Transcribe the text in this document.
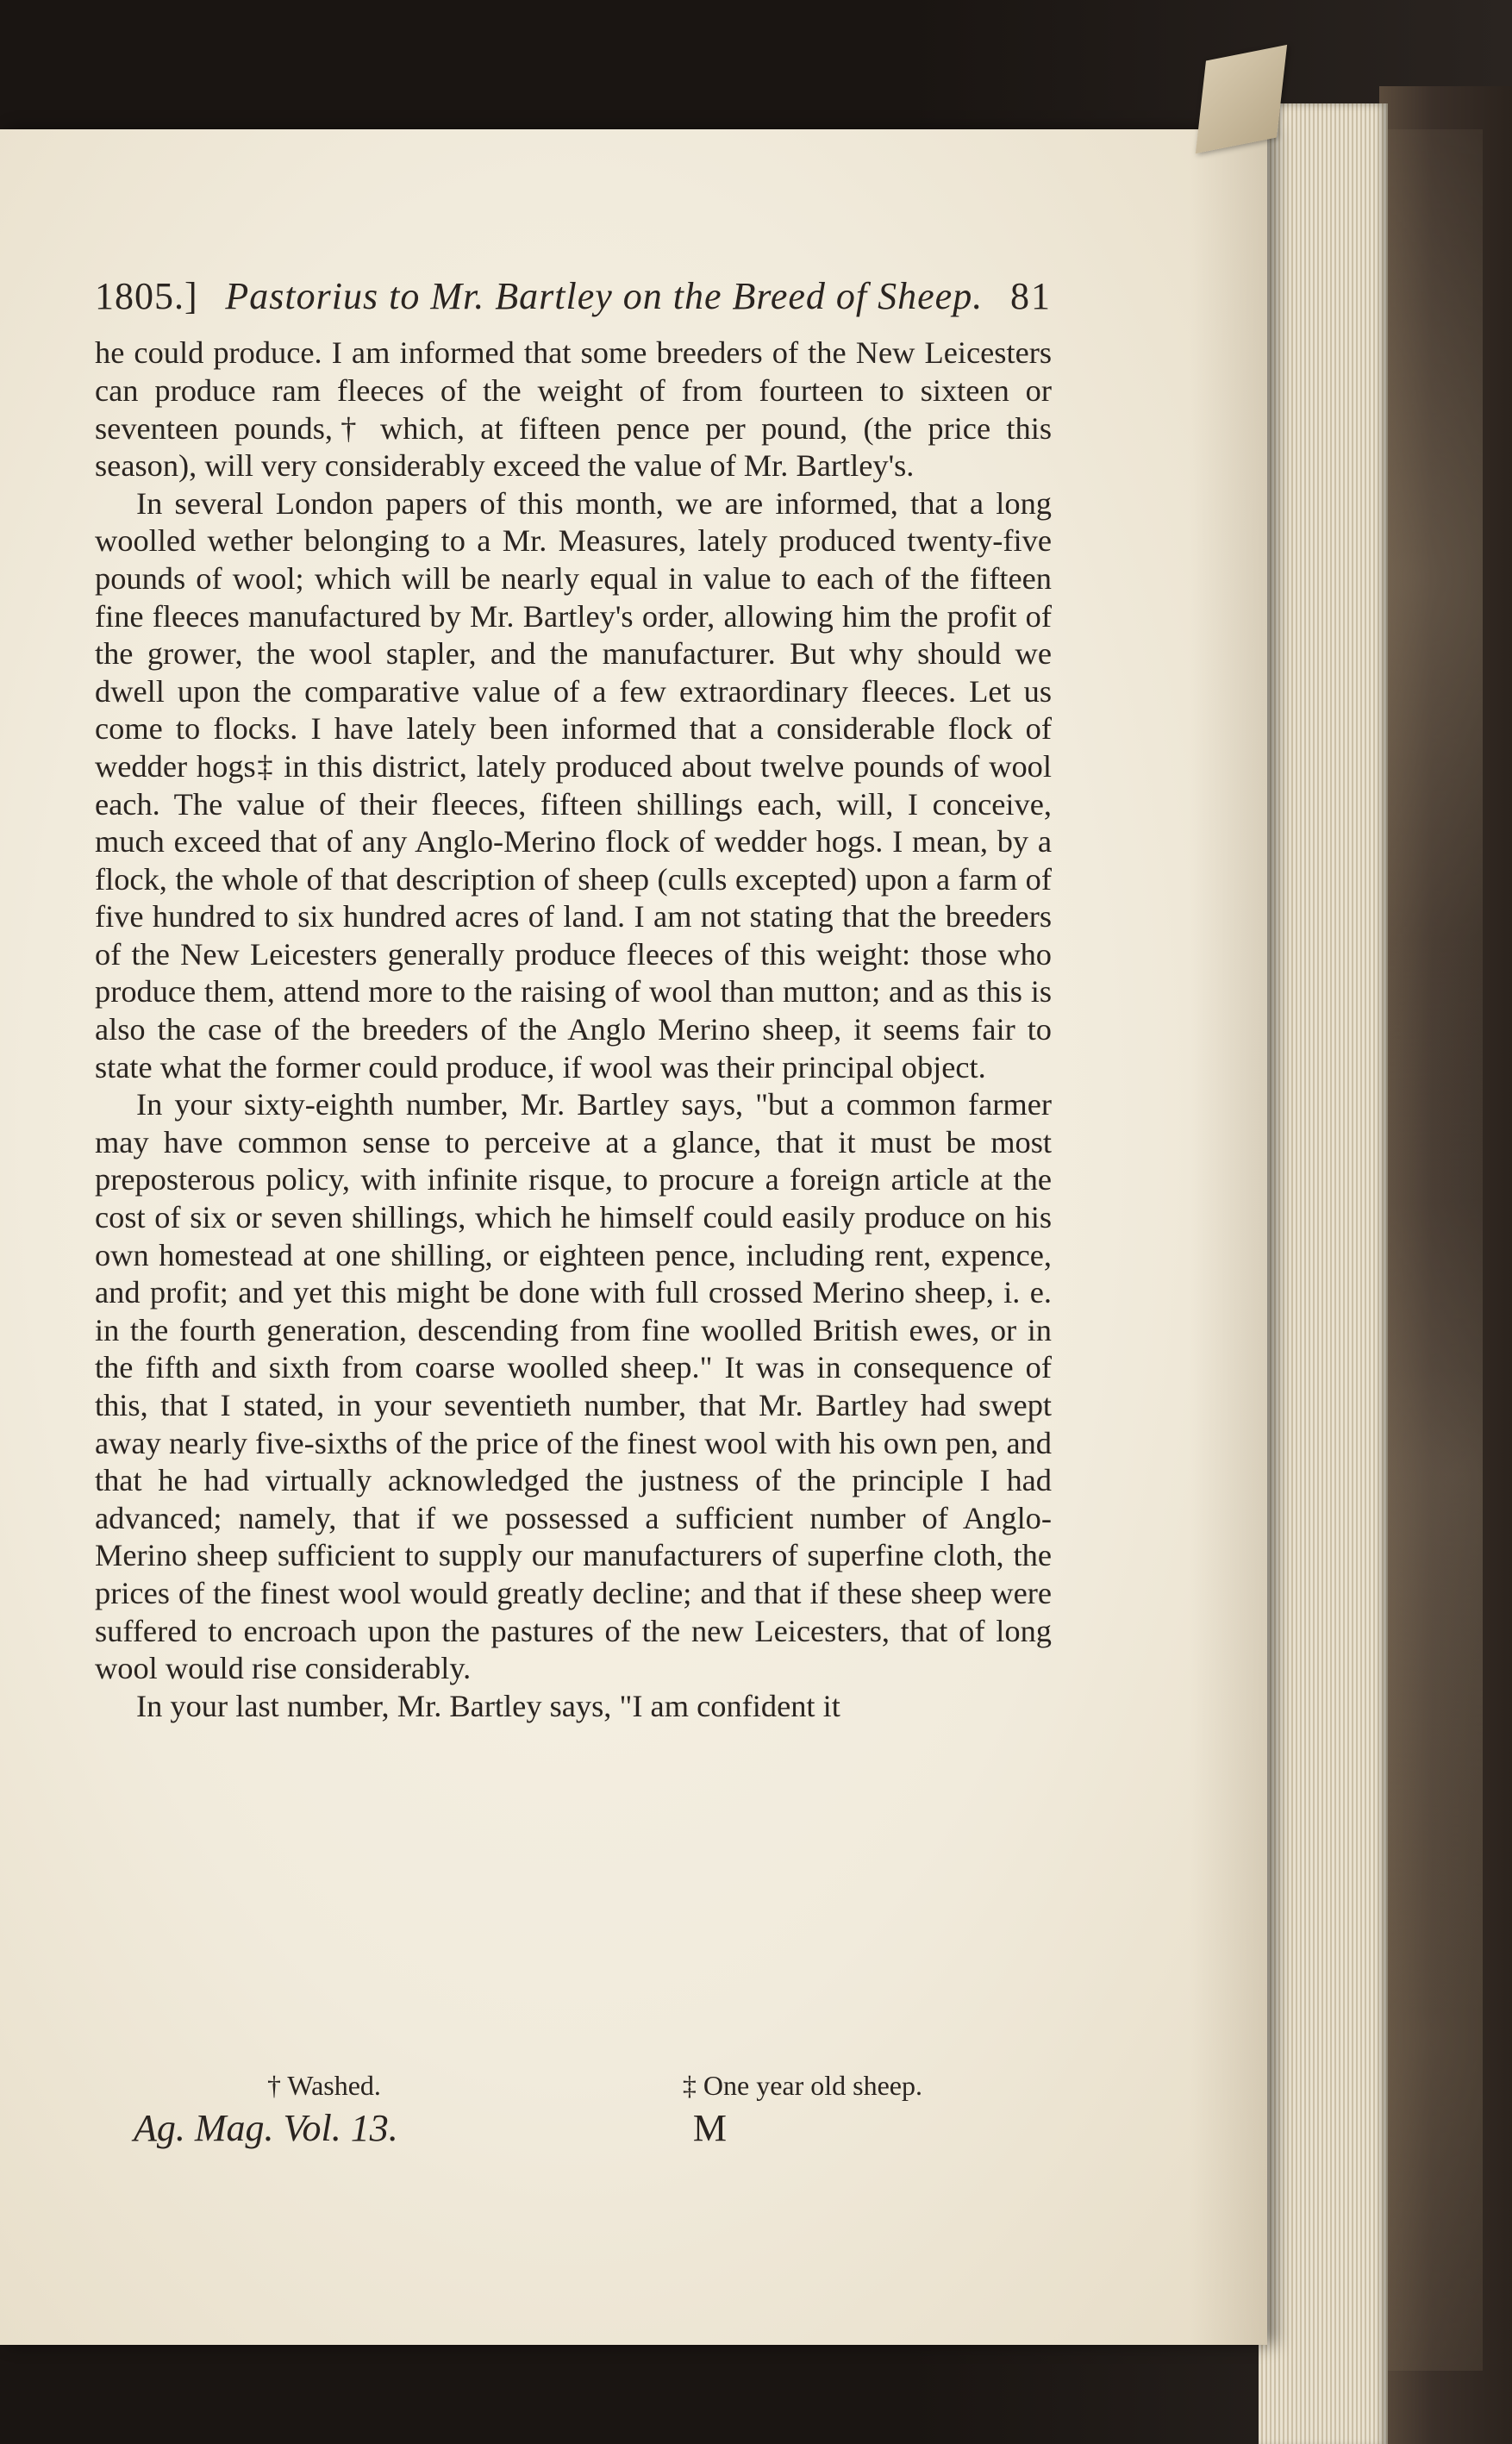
1805.] Pastorius to Mr. Bartley on the Breed of Sheep. 81

he could produce. I am informed that some breeders of the New Leicesters can produce ram fleeces of the weight of from fourteen to sixteen or seventeen pounds,† which, at fifteen pence per pound, (the price this season), will very considerably exceed the value of Mr. Bartley's.

In several London papers of this month, we are informed, that a long woolled wether belonging to a Mr. Measures, lately produced twenty-five pounds of wool; which will be nearly equal in value to each of the fifteen fine fleeces manufactured by Mr. Bartley's order, allowing him the profit of the grower, the wool stapler, and the manufacturer. But why should we dwell upon the comparative value of a few extraordinary fleeces. Let us come to flocks. I have lately been informed that a considerable flock of wedder hogs‡ in this district, lately produced about twelve pounds of wool each. The value of their fleeces, fifteen shillings each, will, I conceive, much exceed that of any Anglo-Merino flock of wedder hogs. I mean, by a flock, the whole of that description of sheep (culls excepted) upon a farm of five hundred to six hundred acres of land. I am not stating that the breeders of the New Leicesters generally produce fleeces of this weight: those who produce them, attend more to the raising of wool than mutton; and as this is also the case of the breeders of the Anglo Merino sheep, it seems fair to state what the former could produce, if wool was their principal object.

In your sixty-eighth number, Mr. Bartley says, "but a common farmer may have common sense to perceive at a glance, that it must be most preposterous policy, with infinite risque, to procure a foreign article at the cost of six or seven shillings, which he himself could easily produce on his own homestead at one shilling, or eighteen pence, including rent, expence, and profit; and yet this might be done with full crossed Merino sheep, i. e. in the fourth generation, descending from fine woolled British ewes, or in the fifth and sixth from coarse woolled sheep." It was in consequence of this, that I stated, in your seventieth number, that Mr. Bartley had swept away nearly five-sixths of the price of the finest wool with his own pen, and that he had virtually acknowledged the justness of the principle I had advanced; namely, that if we possessed a sufficient number of Anglo-Merino sheep sufficient to supply our manufacturers of superfine cloth, the prices of the finest wool would greatly decline; and that if these sheep were suffered to encroach upon the pastures of the new Leicesters, that of long wool would rise considerably.

In your last number, Mr. Bartley says, "I am confident it

† Washed.	‡ One year old sheep.
Ag. Mag. Vol. 13.	M
